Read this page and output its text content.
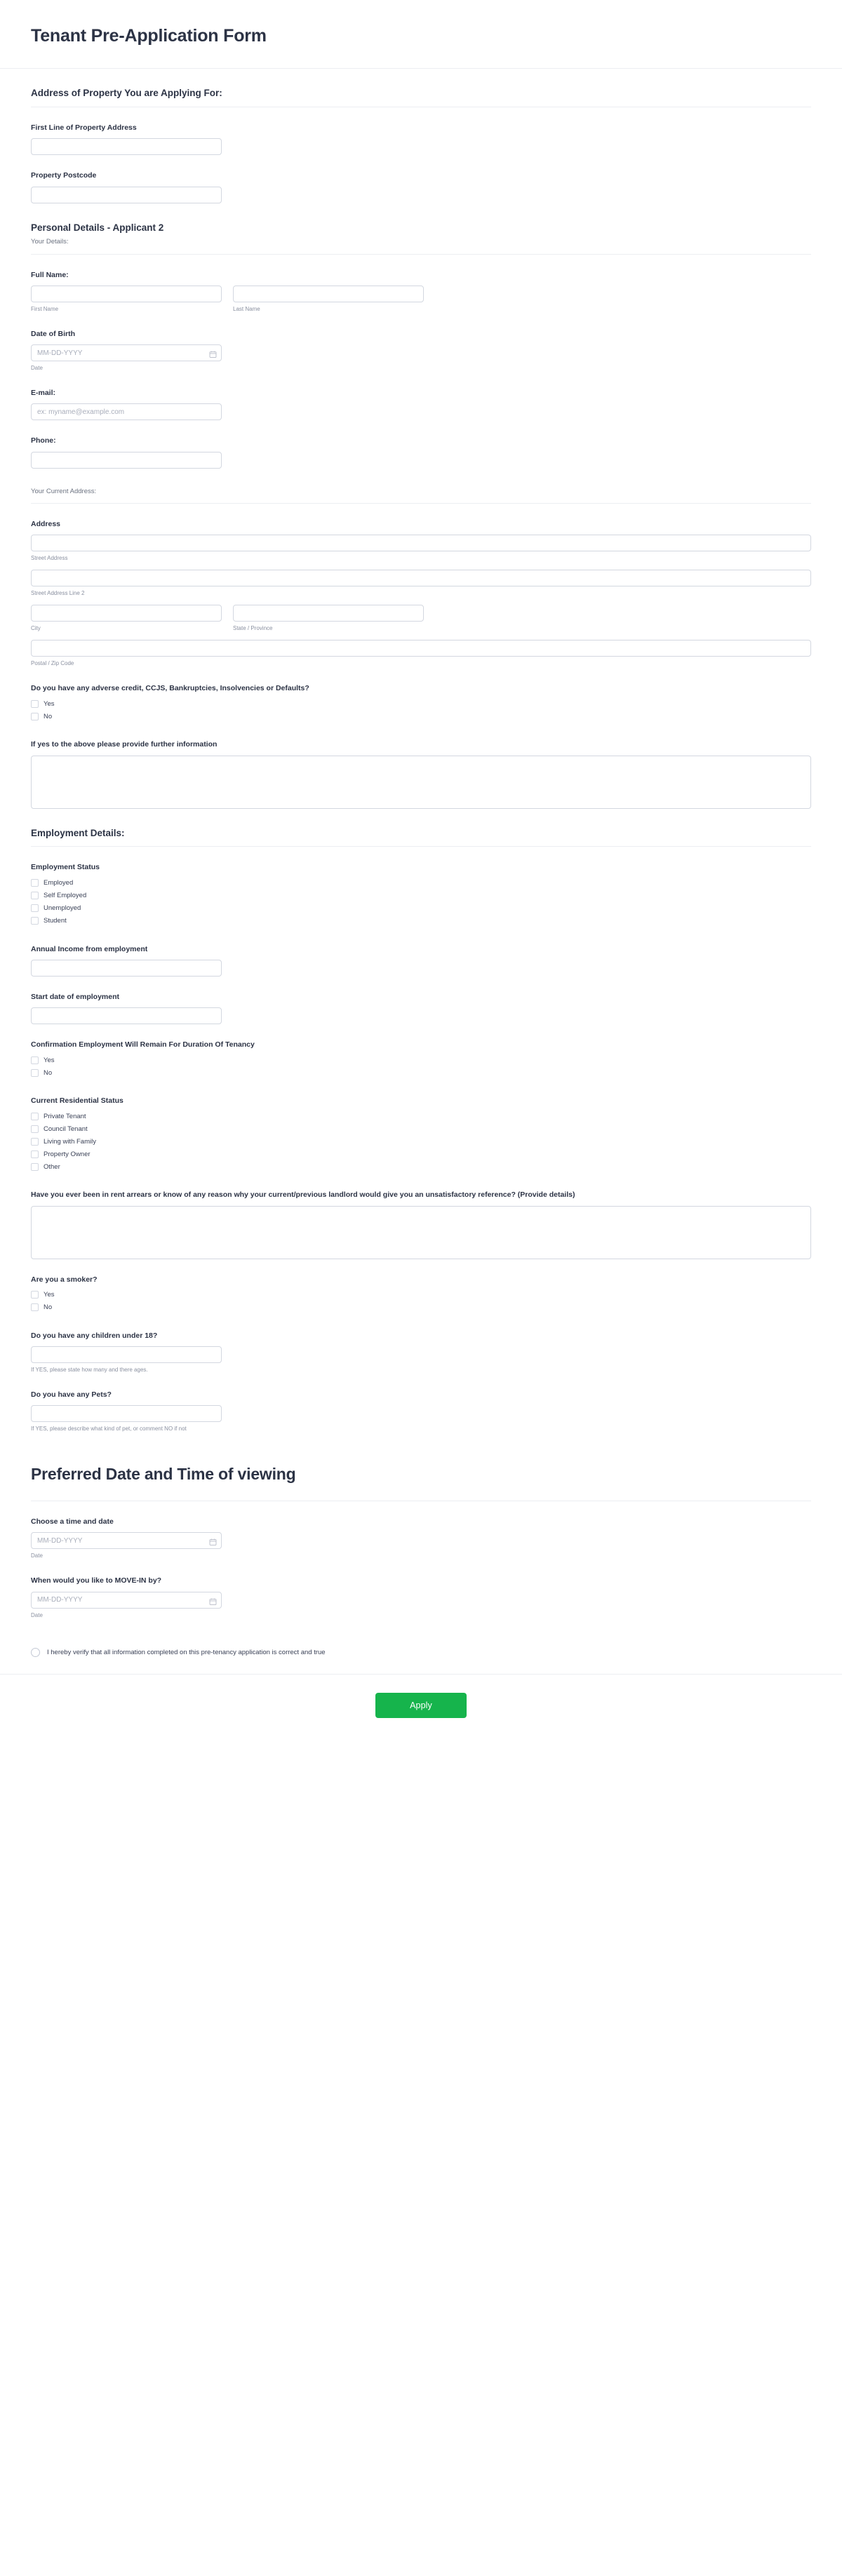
Tenant Pre-Application Form

Address of Property You are Applying For:

First Line of Property Address
Property Postcode

Personal Details - Applicant 2

Your Details:

Full Name:
First Name	Last Name
Date of Birth
MM-DD-YYYY
Date
E-mail:
ex: myname@example.com
Phone:

Your Current Address:

Address
Street Address
Street Address Line 2
City	State / Province
Postal / Zip Code
Do you have any adverse credit, CCJS, Bankruptcies, Insolvencies or Defaults?
Yes
No
If yes to the above please provide further information

Employment Details:

Employment Status
Employed
Self Employed
Unemployed
Student
Annual Income from employment
Start date of employment
Confirmation Employment Will Remain For Duration Of Tenancy
Yes
No
Current Residential Status
Private Tenant
Council Tenant
Living with Family
Property Owner
Other
Have you ever been in rent arrears or know of any reason why your current/previous landlord would give you an unsatisfactory reference? (Provide details)
Are you a smoker?
Yes
No
Do you have any children under 18?
If YES, please state how many and there ages.
Do you have any Pets?
If YES, please describe what kind of pet, or comment NO if not

Preferred Date and Time of viewing

Choose a time and date
MM-DD-YYYY
Date
When would you like to MOVE-IN by?
MM-DD-YYYY
Date
I hereby verify that all information completed on this pre-tenancy application is correct and true
Apply
